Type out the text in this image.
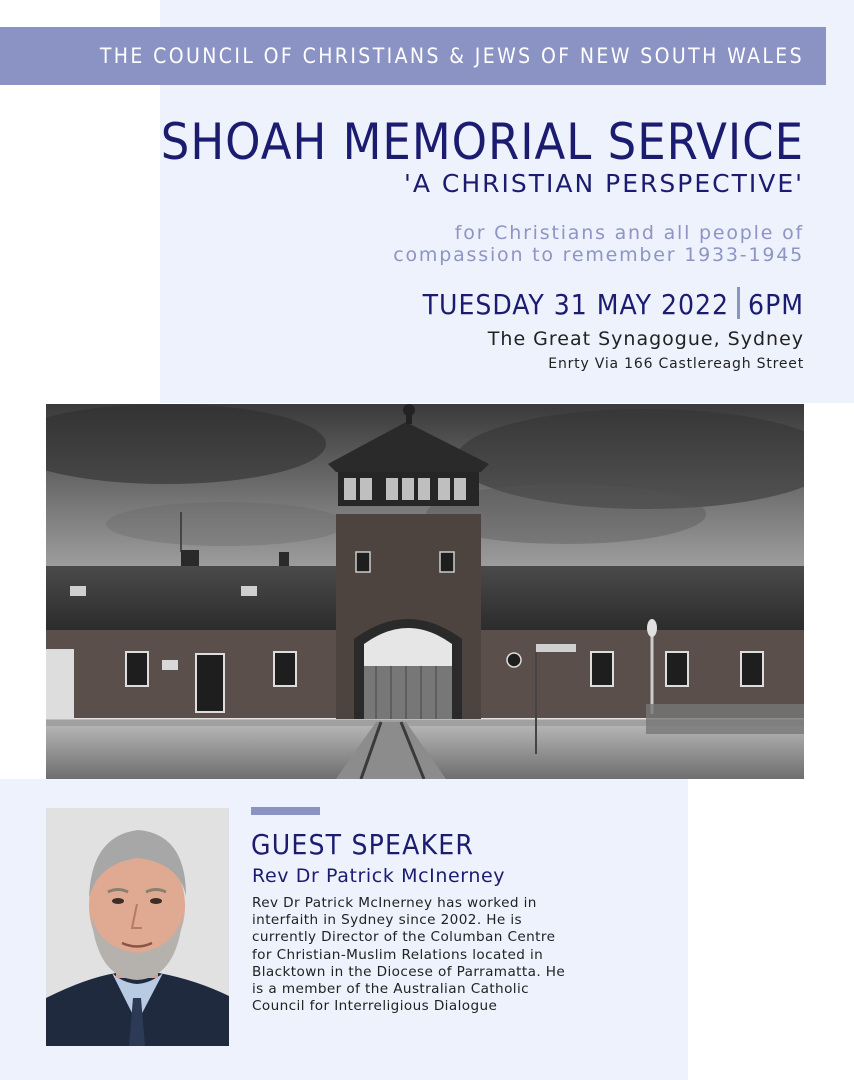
THE COUNCIL OF CHRISTIANS & JEWS OF NEW SOUTH WALES
SHOAH MEMORIAL SERVICE
'A CHRISTIAN PERSPECTIVE'
for Christians and all people of
compassion to remember 1933-1945
TUESDAY 31 MAY 2022 6PM
The Great Synagogue, Sydney
Enrty Via 166 Castlereagh Street
GUEST SPEAKER
Rev Dr Patrick McInerney
Rev Dr Patrick McInerney has worked in
interfaith in Sydney since 2002. He is
currently Director of the Columban Centre
for Christian-Muslim Relations located in
Blacktown in the Diocese of Parramatta. He
is a member of the Australian Catholic
Council for Interreligious Dialogue
